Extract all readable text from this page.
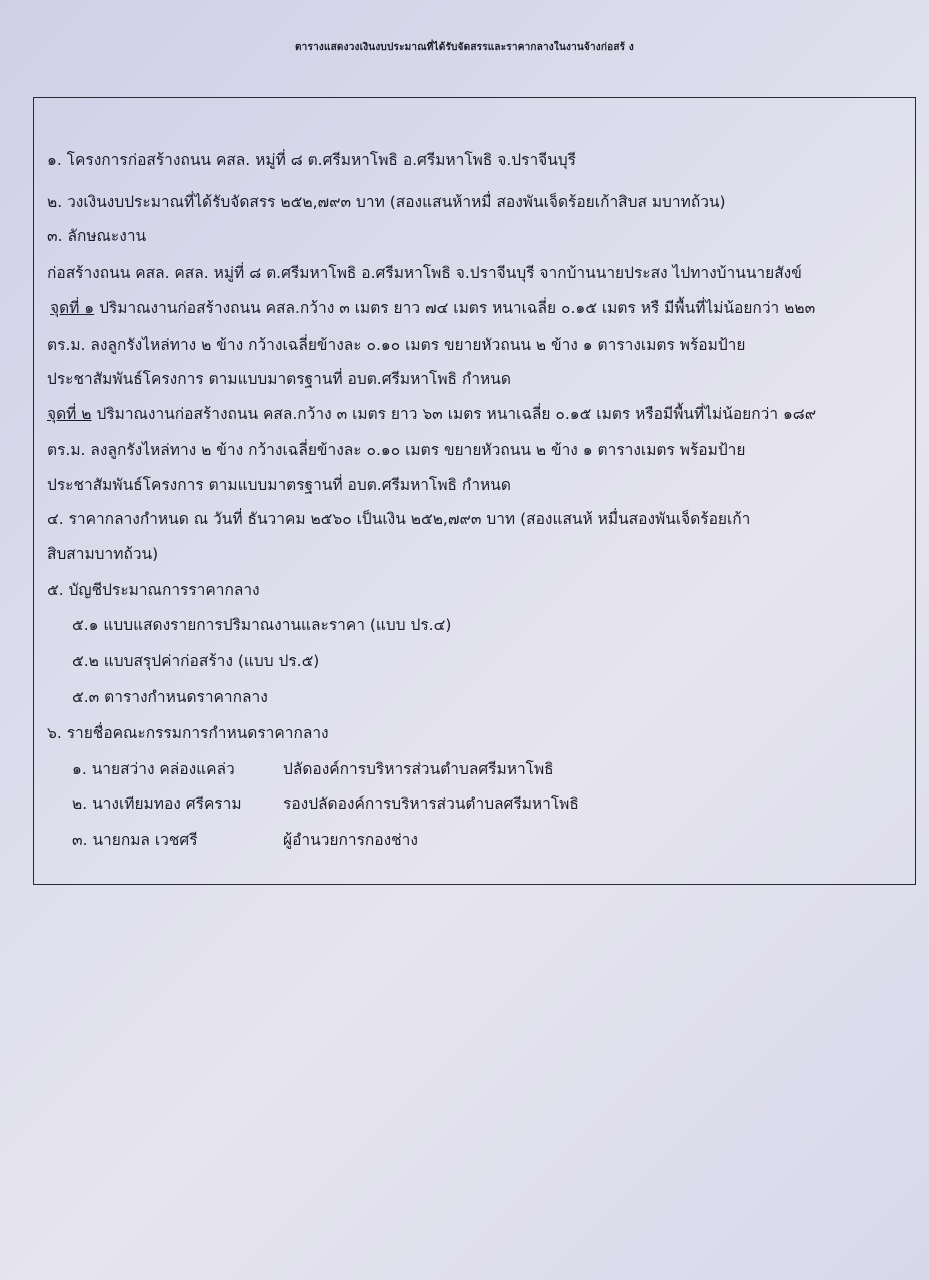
ตารางแสดงวงเงินงบประมาณที่ได้รับจัดสรรและราคากลางในงานจ้างก่อสร้ ง
๑. โครงการก่อสร้างถนน คสล. หมู่ที่ ๘ ต.ศรีมหาโพธิ อ.ศรีมหาโพธิ จ.ปราจีนบุรี
๒. วงเงินงบประมาณที่ได้รับจัดสรร ๒๕๒,๗๙๓ บาท (สองแสนห้าหมื่ สองพันเจ็ดร้อยเก้าสิบส มบาทถ้วน)
๓. ลักษณะงาน
ก่อสร้างถนน คสล. คสล. หมู่ที่ ๘ ต.ศรีมหาโพธิ อ.ศรีมหาโพธิ จ.ปราจีนบุรี จากบ้านนายประสง ไปทางบ้านนายสังข์
จุดที่ ๑ ปริมาณงานก่อสร้างถนน คสล.กว้าง ๓ เมตร ยาว ๗๔ เมตร หนาเฉลี่ย ๐.๑๕ เมตร หรื มีพื้นที่ไม่น้อยกว่า ๒๒๓
ตร.ม. ลงลูกรังไหล่ทาง ๒ ข้าง กว้างเฉลี่ยข้างละ ๐.๑๐ เมตร ขยายหัวถนน ๒ ข้าง ๑ ตารางเมตร พร้อมป้าย
ประชาสัมพันธ์โครงการ ตามแบบมาตรฐานที่ อบต.ศรีมหาโพธิ กำหนด
จุดที่ ๒ ปริมาณงานก่อสร้างถนน คสล.กว้าง ๓ เมตร ยาว ๖๓ เมตร หนาเฉลี่ย ๐.๑๕ เมตร หรือมีพื้นที่ไม่น้อยกว่า ๑๘๙
ตร.ม. ลงลูกรังไหล่ทาง ๒ ข้าง กว้างเฉลี่ยข้างละ ๐.๑๐ เมตร ขยายหัวถนน ๒ ข้าง ๑ ตารางเมตร พร้อมป้าย
ประชาสัมพันธ์โครงการ ตามแบบมาตรฐานที่ อบต.ศรีมหาโพธิ กำหนด
๔. ราคากลางกำหนด ณ วันที่ ธันวาคม ๒๕๖๐ เป็นเงิน ๒๕๒,๗๙๓ บาท (สองแสนห้ หมื่นสองพันเจ็ดร้อยเก้า
สิบสามบาทถ้วน)
๕. บัญชีประมาณการราคากลาง
๕.๑ แบบแสดงรายการปริมาณงานและราคา (แบบ ปร.๔)
๕.๒ แบบสรุปค่าก่อสร้าง (แบบ ปร.๕)
๕.๓ ตารางกำหนดราคากลาง
๖. รายชื่อคณะกรรมการกำหนดราคากลาง
๑. นายสว่าง คล่องแคล่ว	ปลัดองค์การบริหารส่วนตำบลศรีมหาโพธิ
๒. นางเทียมทอง ศรีคราม	รองปลัดองค์การบริหารส่วนตำบลศรีมหาโพธิ
๓. นายกมล เวชศรี	ผู้อำนวยการกองช่าง
